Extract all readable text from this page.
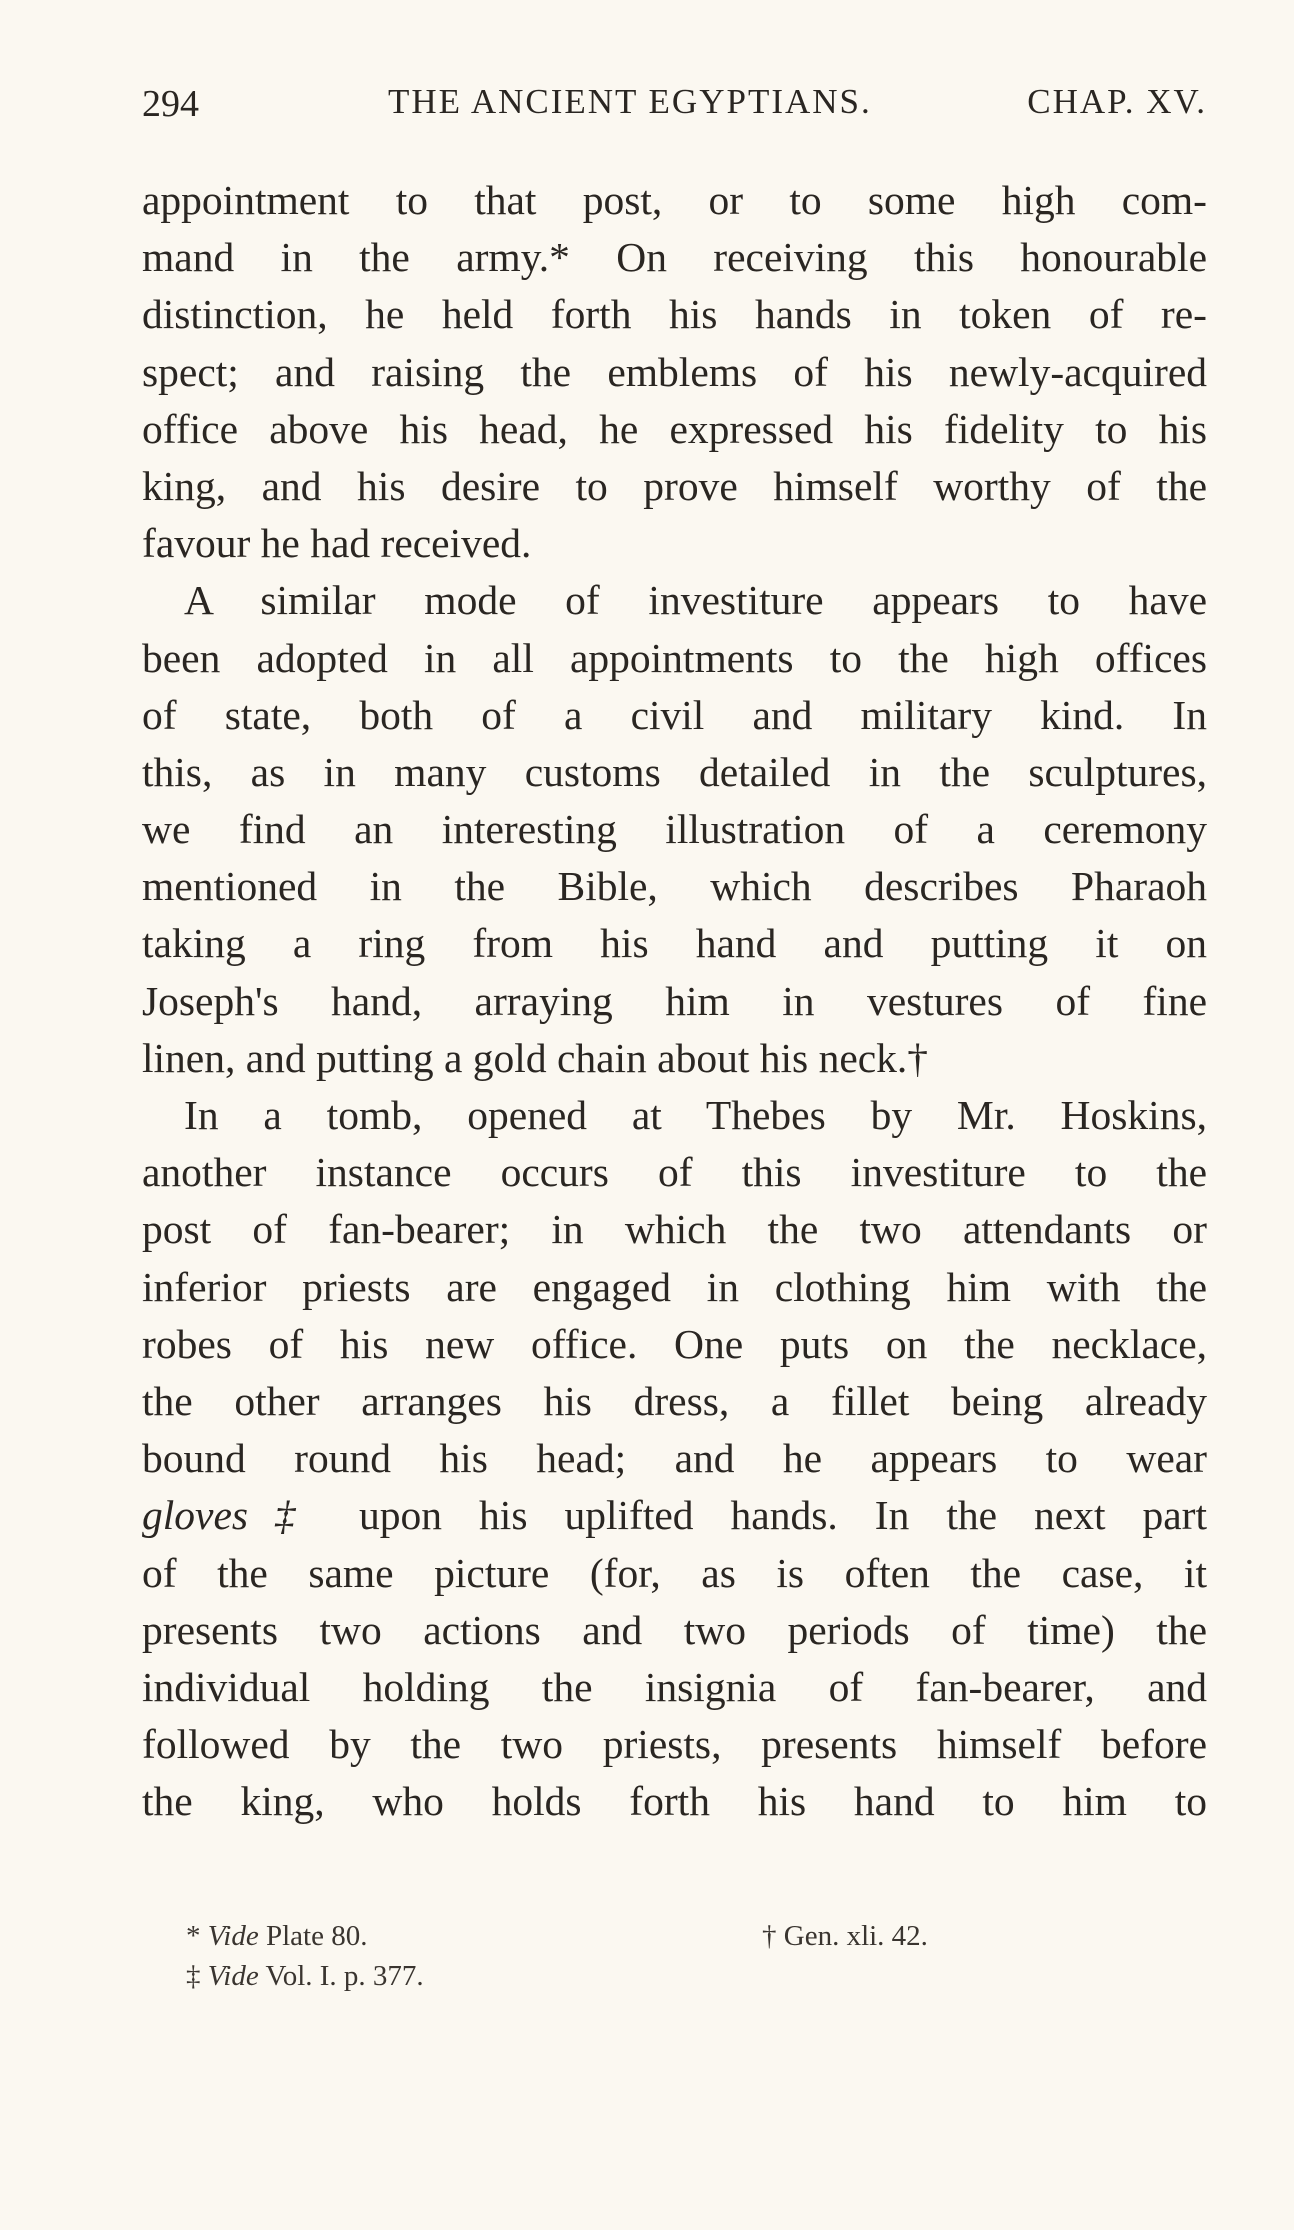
294	THE ANCIENT EGYPTIANS.	CHAP. XV.
appointment to that post, or to some high com-
mand in the army.* On receiving this honourable
distinction, he held forth his hands in token of re-
spect; and raising the emblems of his newly-acquired
office above his head, he expressed his fidelity to his
king, and his desire to prove himself worthy of the
favour he had received.
A similar mode of investiture appears to have
been adopted in all appointments to the high offices
of state, both of a civil and military kind. In
this, as in many customs detailed in the sculptures,
we find an interesting illustration of a ceremony
mentioned in the Bible, which describes Pharaoh
taking a ring from his hand and putting it on
Joseph's hand, arraying him in vestures of fine
linen, and putting a gold chain about his neck.†
In a tomb, opened at Thebes by Mr. Hoskins,
another instance occurs of this investiture to the
post of fan-bearer; in which the two attendants or
inferior priests are engaged in clothing him with the
robes of his new office. One puts on the necklace,
the other arranges his dress, a fillet being already
bound round his head; and he appears to wear
gloves‡ upon his uplifted hands. In the next part
of the same picture (for, as is often the case, it
presents two actions and two periods of time) the
individual holding the insignia of fan-bearer, and
followed by the two priests, presents himself before
the king, who holds forth his hand to him to
* Vide Plate 80.	† Gen. xli. 42.
‡ Vide Vol. I. p. 377.
